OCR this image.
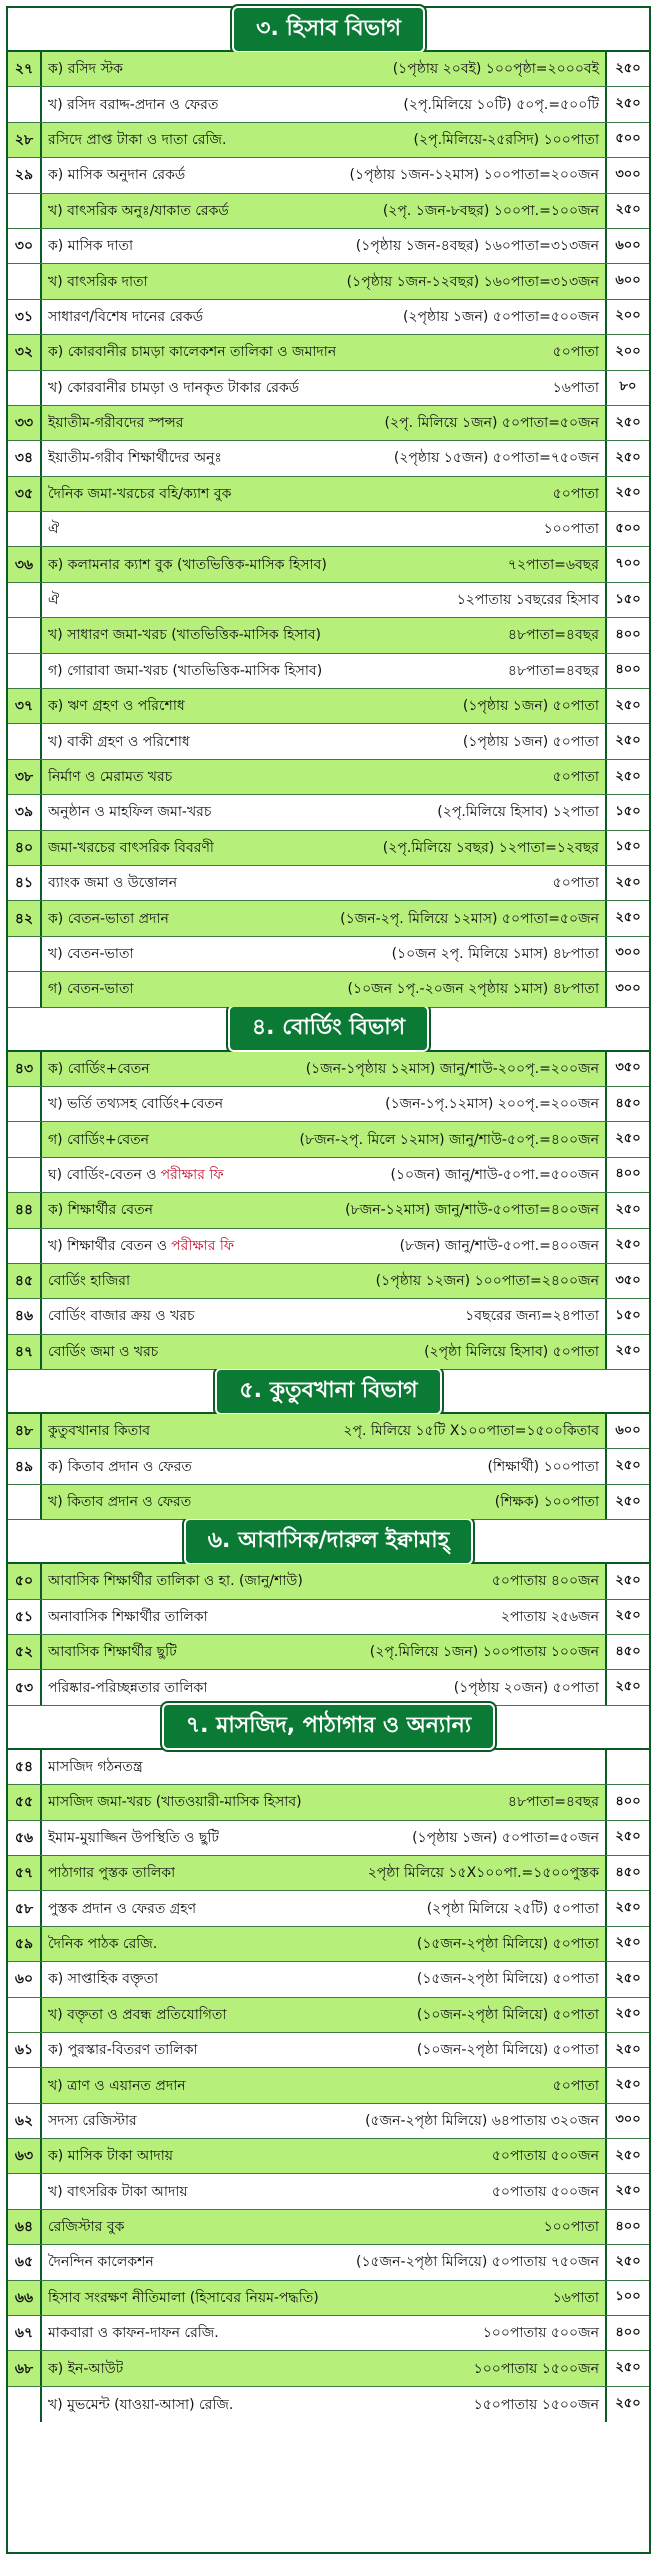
৩. হিসাব বিভাগ
২৭	ক) রসিদ স্টক	(১পৃষ্ঠায় ২০বই) ১০০পৃষ্ঠা=২০০০বই	২৫০
খ) রসিদ বরাদ্দ-প্রদান ও ফেরত	(২পৃ.মিলিয়ে ১০টি) ৫০পৃ.=৫০০টি	২৫০
২৮	রসিদে প্রাপ্ত টাকা ও দাতা রেজি.	(২পৃ.মিলিয়ে-২৫রসিদ) ১০০পাতা	৫০০
২৯	ক) মাসিক অনুদান রেকর্ড	(১পৃষ্ঠায় ১জন-১২মাস) ১০০পাতা=২০০জন	৩০০
খ) বাৎসরিক অনুঃ/যাকাত রেকর্ড	(২পৃ. ১জন-৮বছর) ১০০পা.=১০০জন	২৫০
৩০	ক) মাসিক দাতা	(১পৃষ্ঠায় ১জন-৪বছর) ১৬০পাতা=৩১৩জন	৬০০
খ) বাৎসরিক দাতা	(১পৃষ্ঠায় ১জন-১২বছর) ১৬০পাতা=৩১৩জন	৬০০
৩১	সাধারণ/বিশেষ দানের রেকর্ড	(২পৃষ্ঠায় ১জন) ৫০পাতা=৫০০জন	২০০
৩২	ক) কোরবানীর চামড়া কালেকশন তালিকা ও জমাদান	৫০পাতা	২০০
খ) কোরবানীর চামড়া ও দানকৃত টাকার রেকর্ড	১৬পাতা	৮০
৩৩	ইয়াতীম-গরীবদের স্পন্সর	(২পৃ. মিলিয়ে ১জন) ৫০পাতা=৫০জন	২৫০
৩৪	ইয়াতীম-গরীব শিক্ষার্থীদের অনুঃ	(২পৃষ্ঠায় ১৫জন) ৫০পাতা=৭৫০জন	২৫০
৩৫	দৈনিক জমা-খরচের বহি/ক্যাশ বুক	৫০পাতা	২৫০
ঐ	১০০পাতা	৫০০
৩৬	ক) কলামনার ক্যাশ বুক (খাতভিত্তিক-মাসিক হিসাব)	৭২পাতা=৬বছর	৭০০
ঐ	১২পাতায় ১বছরের হিসাব	১৫০
খ) সাধারণ জমা-খরচ (খাতভিত্তিক-মাসিক হিসাব)	৪৮পাতা=৪বছর	৪০০
গ) গোরাবা জমা-খরচ (খাতভিত্তিক-মাসিক হিসাব)	৪৮পাতা=৪বছর	৪০০
৩৭	ক) ঋণ গ্রহণ ও পরিশোধ	(১পৃষ্ঠায় ১জন) ৫০পাতা	২৫০
খ) বাকী গ্রহণ ও পরিশোধ	(১পৃষ্ঠায় ১জন) ৫০পাতা	২৫০
৩৮	নির্মাণ ও মেরামত খরচ	৫০পাতা	২৫০
৩৯	অনুষ্ঠান ও মাহফিল জমা-খরচ	(২পৃ.মিলিয়ে হিসাব) ১২পাতা	১৫০
৪০	জমা-খরচের বাৎসরিক বিবরণী	(২পৃ.মিলিয়ে ১বছর) ১২পাতা=১২বছর	১৫০
৪১	ব্যাংক জমা ও উত্তোলন	৫০পাতা	২৫০
৪২	ক) বেতন-ভাতা প্রদান	(১জন-২পৃ. মিলিয়ে ১২মাস) ৫০পাতা=৫০জন	২৫০
খ) বেতন-ভাতা	(১০জন ২পৃ. মিলিয়ে ১মাস) ৪৮পাতা	৩০০
গ) বেতন-ভাতা	(১০জন ১পৃ.-২০জন ২পৃষ্ঠায় ১মাস) ৪৮পাতা	৩০০
৪. বোর্ডিং বিভাগ
৪৩	ক) বোর্ডিং+বেতন	(১জন-১পৃষ্ঠায় ১২মাস) জানু/শাউ-২০০পৃ.=২০০জন	৩৫০
খ) ভর্তি তথ্যসহ বোর্ডিং+বেতন	(১জন-১পৃ.১২মাস) ২০০পৃ.=২০০জন	৪৫০
গ) বোর্ডিং+বেতন	(৮জন-২পৃ. মিলে ১২মাস) জানু/শাউ-৫০পৃ.=৪০০জন	২৫০
ঘ) বোর্ডিং-বেতন ও পরীক্ষার ফি	(১০জন) জানু/শাউ-৫০পা.=৫০০জন	৪০০
৪৪	ক) শিক্ষার্থীর বেতন	(৮জন-১২মাস) জানু/শাউ-৫০পাতা=৪০০জন	২৫০
খ) শিক্ষার্থীর বেতন ও পরীক্ষার ফি	(৮জন) জানু/শাউ-৫০পা.=৪০০জন	২৫০
৪৫	বোর্ডিং হাজিরা	(১পৃষ্ঠায় ১২জন) ১০০পাতা=২৪০০জন	৩৫০
৪৬	বোর্ডিং বাজার ক্রয় ও খরচ	১বছরের জন্য=২৪পাতা	১৫০
৪৭	বোর্ডিং জমা ও খরচ	(২পৃষ্ঠা মিলিয়ে হিসাব) ৫০পাতা	২৫০
৫. কুতুবখানা বিভাগ
৪৮	কুতুবখানার কিতাব	২পৃ. মিলিয়ে ১৫টি X১০০পাতা=১৫০০কিতাব	৬০০
৪৯	ক) কিতাব প্রদান ও ফেরত	(শিক্ষার্থী) ১০০পাতা	২৫০
খ) কিতাব প্রদান ও ফেরত	(শিক্ষক) ১০০পাতা	২৫০
৬. আবাসিক/দারুল ইক্বামাহ্‌
৫০	আবাসিক শিক্ষার্থীর তালিকা ও হা. (জানু/শাউ)	৫০পাতায় ৪০০জন	২৫০
৫১	অনাবাসিক শিক্ষার্থীর তালিকা	২পাতায় ২৫৬জন	২৫০
৫২	আবাসিক শিক্ষার্থীর ছুটি	(২পৃ.মিলিয়ে ১জন) ১০০পাতায় ১০০জন	৪৫০
৫৩	পরিষ্কার-পরিচ্ছন্নতার তালিকা	(১পৃষ্ঠায় ২০জন) ৫০পাতা	২৫০
৭. মাসজিদ, পাঠাগার ও অন্যান্য
৫৪	মাসজিদ গঠনতন্ত্র
৫৫	মাসজিদ জমা-খরচ (খাতওয়ারী-মাসিক হিসাব)	৪৮পাতা=৪বছর	৪০০
৫৬	ইমাম-মুয়াজ্জিন উপস্থিতি ও ছুটি	(১পৃষ্ঠায় ১জন) ৫০পাতা=৫০জন	২৫০
৫৭	পাঠাগার পুস্তক তালিকা	২পৃষ্ঠা মিলিয়ে ১৫X১০০পা.=১৫০০পুস্তক	৪৫০
৫৮	পুস্তক প্রদান ও ফেরত গ্রহণ	(২পৃষ্ঠা মিলিয়ে ২৫টি) ৫০পাতা	২৫০
৫৯	দৈনিক পাঠক রেজি.	(১৫জন-২পৃষ্ঠা মিলিয়ে) ৫০পাতা	২৫০
৬০	ক) সাপ্তাহিক বক্তৃতা	(১৫জন-২পৃষ্ঠা মিলিয়ে) ৫০পাতা	২৫০
খ) বক্তৃতা ও প্রবন্ধ প্রতিযোগিতা	(১০জন-২পৃষ্ঠা মিলিয়ে) ৫০পাতা	২৫০
৬১	ক) পুরস্কার-বিতরণ তালিকা	(১০জন-২পৃষ্ঠা মিলিয়ে) ৫০পাতা	২৫০
খ) ত্রাণ ও এয়ানত প্রদান	৫০পাতা	২৫০
৬২	সদস্য রেজিস্টার	(৫জন-২পৃষ্ঠা মিলিয়ে) ৬৪পাতায় ৩২০জন	৩০০
৬৩	ক) মাসিক টাকা আদায়	৫০পাতায় ৫০০জন	২৫০
খ) বাৎসরিক টাকা আদায়	৫০পাতায় ৫০০জন	২৫০
৬৪	রেজিস্টার বুক	১০০পাতা	৪০০
৬৫	দৈনন্দিন কালেকশন	(১৫জন-২পৃষ্ঠা মিলিয়ে) ৫০পাতায় ৭৫০জন	২৫০
৬৬	হিসাব সংরক্ষণ নীতিমালা (হিসাবের নিয়ম-পদ্ধতি)	১৬পাতা	১০০
৬৭	মাকবারা ও কাফন-দাফন রেজি.	১০০পাতায় ৫০০জন	৪০০
৬৮	ক) ইন-আউট	১০০পাতায় ১৫০০জন	২৫০
খ) মুভমেন্ট (যাওয়া-আসা) রেজি.	১৫০পাতায় ১৫০০জন	২৫০
